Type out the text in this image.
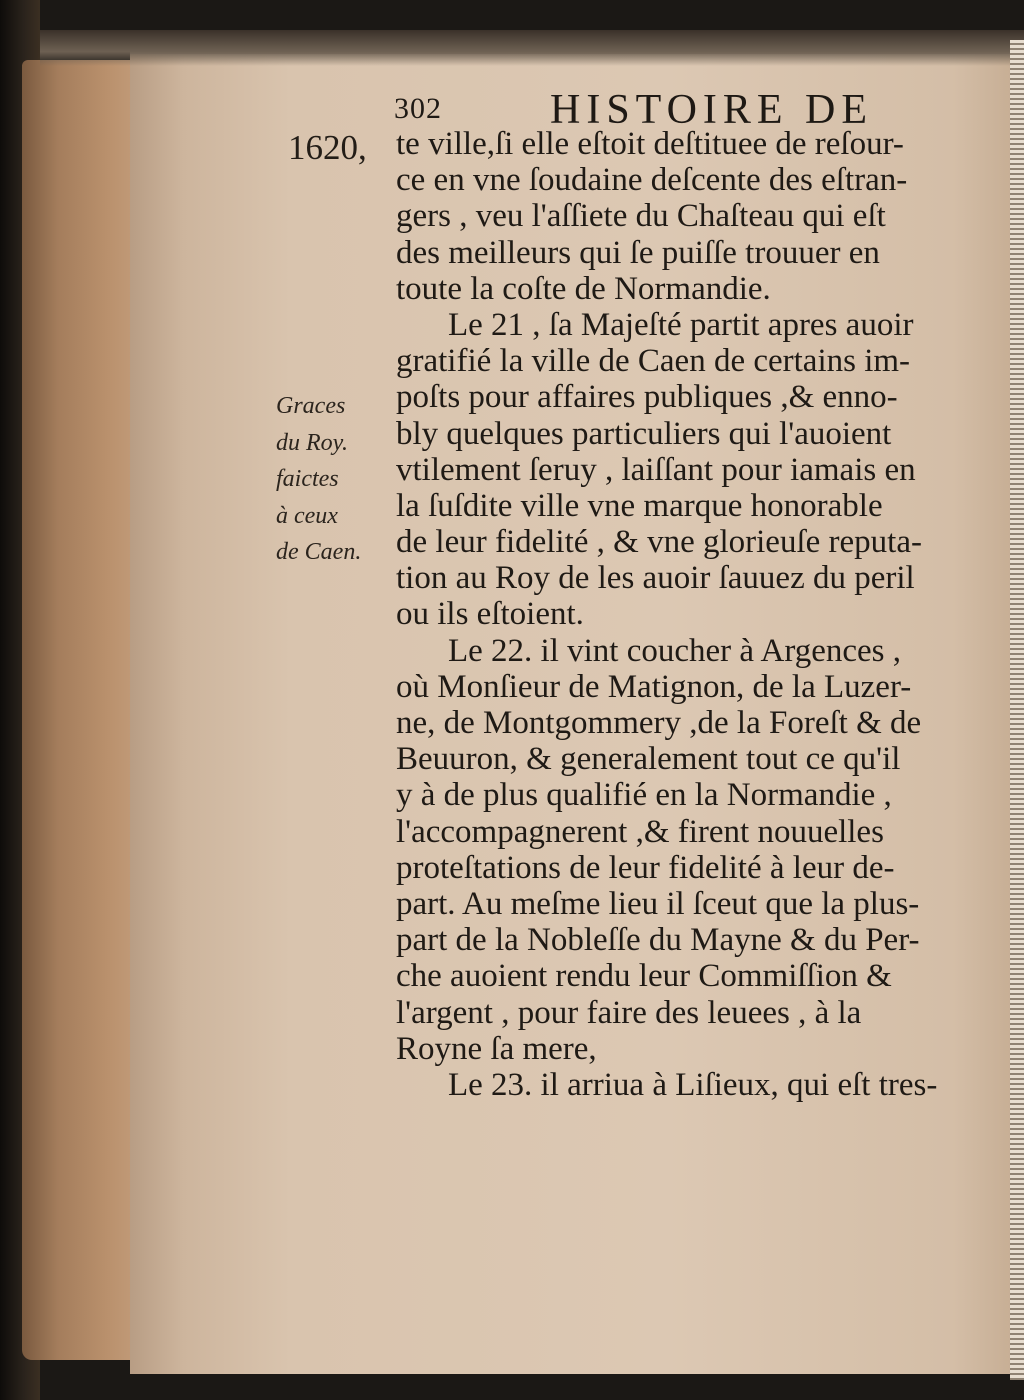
302	HISTOIRE DE
1620,
Graces
du Roy.
faictes
à ceux
de Caen.
te ville,ſi elle eſtoit deſtituee de reſour-
ce en vne ſoudaine deſcente des eſtran-
gers , veu l'aſſiete du Chaſteau qui eſt
des meilleurs qui ſe puiſſe trouuer en
toute la coſte de Normandie.
Le 21 , ſa Majeſté partit apres auoir
gratifié la ville de Caen de certains im-
poſts pour affaires publiques ,& enno-
bly quelques particuliers qui l'auoient
vtilement ſeruy , laiſſant pour iamais en
la ſuſdite ville vne marque honorable
de leur fidelité , & vne glorieuſe reputa-
tion au Roy de les auoir ſauuez du peril
ou ils eſtoient.
Le 22. il vint coucher à Argences ,
où Monſieur de Matignon, de la Luzer-
ne, de Montgommery ,de la Foreſt & de
Beuuron, & generalement tout ce qu'il
y à de plus qualifié en la Normandie ,
l'accompagnerent ,& firent nouuelles
proteſtations de leur fidelité à leur de-
part. Au meſme lieu il ſceut que la plus-
part de la Nobleſſe du Mayne & du Per-
che auoient rendu leur Commiſſion &
l'argent , pour faire des leuees , à la
Royne ſa mere,
Le 23. il arriua à Liſieux, qui eſt tres-
